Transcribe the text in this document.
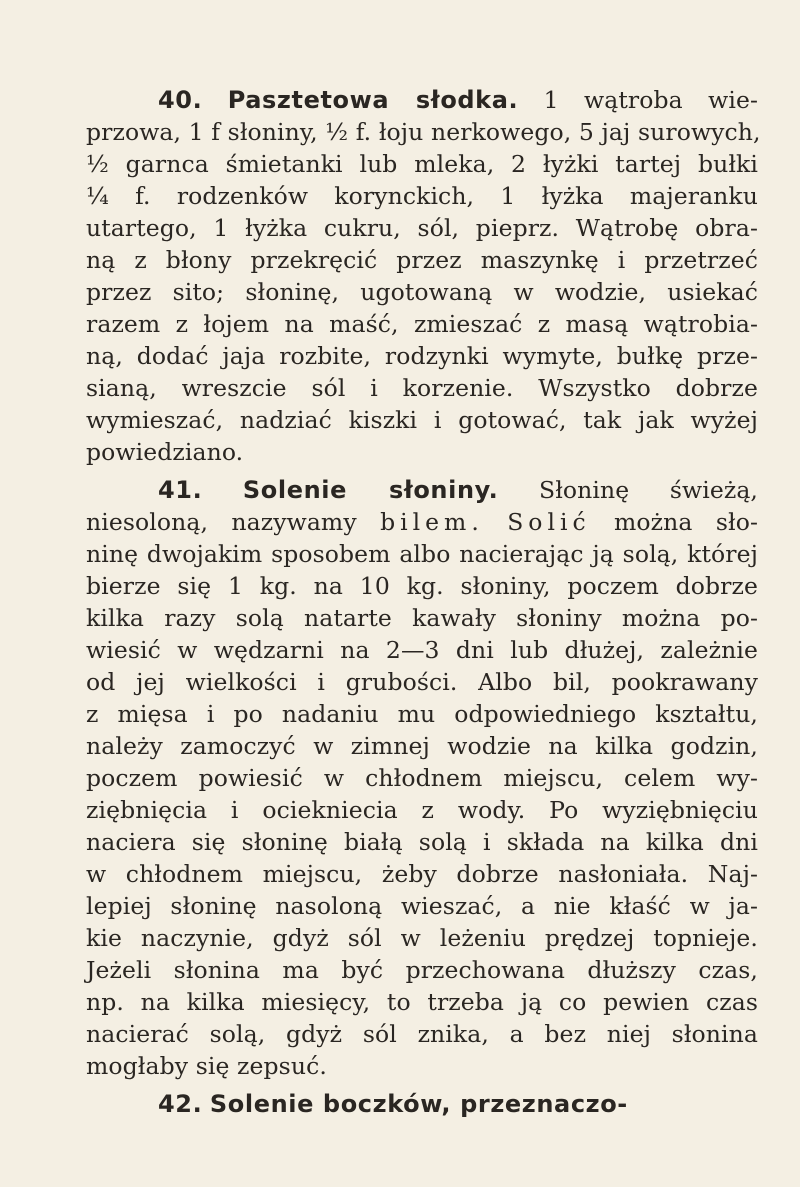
40. Pasztetowa słodka. 1 wątroba wie-
przowa, 1 f słoniny, ½ f. łoju nerkowego, 5 jaj surowych,
½ garnca śmietanki lub mleka, 2 łyżki tartej bułki
¼ f. rodzenków korynckich, 1 łyżka majeranku
utartego, 1 łyżka cukru, sól, pieprz. Wątrobę obra-
ną z błony przekręcić przez maszynkę i przetrzeć
przez sito; słoninę, ugotowaną w wodzie, usiekać
razem z łojem na maść, zmieszać z masą wątrobia-
ną, dodać jaja rozbite, rodzynki wymyte, bułkę prze-
sianą, wreszcie sól i korzenie. Wszystko dobrze
wymieszać, nadziać kiszki i gotować, tak jak wyżej
powiedziano.
41. Solenie słoniny. Słoninę świeżą,
niesoloną, nazywamy bilem. Solić można sło-
ninę dwojakim sposobem albo nacierając ją solą, której
bierze się 1 kg. na 10 kg. słoniny, poczem dobrze
kilka razy solą natarte kawały słoniny można po-
wiesić w wędzarni na 2—3 dni lub dłużej, zależnie
od jej wielkości i grubości. Albo bil, pookrawany
z mięsa i po nadaniu mu odpowiedniego kształtu,
należy zamoczyć w zimnej wodzie na kilka godzin,
poczem powiesić w chłodnem miejscu, celem wy-
ziębnięcia i ociekniecia z wody. Po wyziębnięciu
naciera się słoninę białą solą i składa na kilka dni
w chłodnem miejscu, żeby dobrze nasłoniała. Naj-
lepiej słoninę nasoloną wieszać, a nie kłaść w ja-
kie naczynie, gdyż sól w leżeniu prędzej topnieje.
Jeżeli słonina ma być przechowana dłuższy czas,
np. na kilka miesięcy, to trzeba ją co pewien czas
nacierać solą, gdyż sól znika, a bez niej słonina
mogłaby się zepsuć.
42. Solenie boczków, przeznaczo-
